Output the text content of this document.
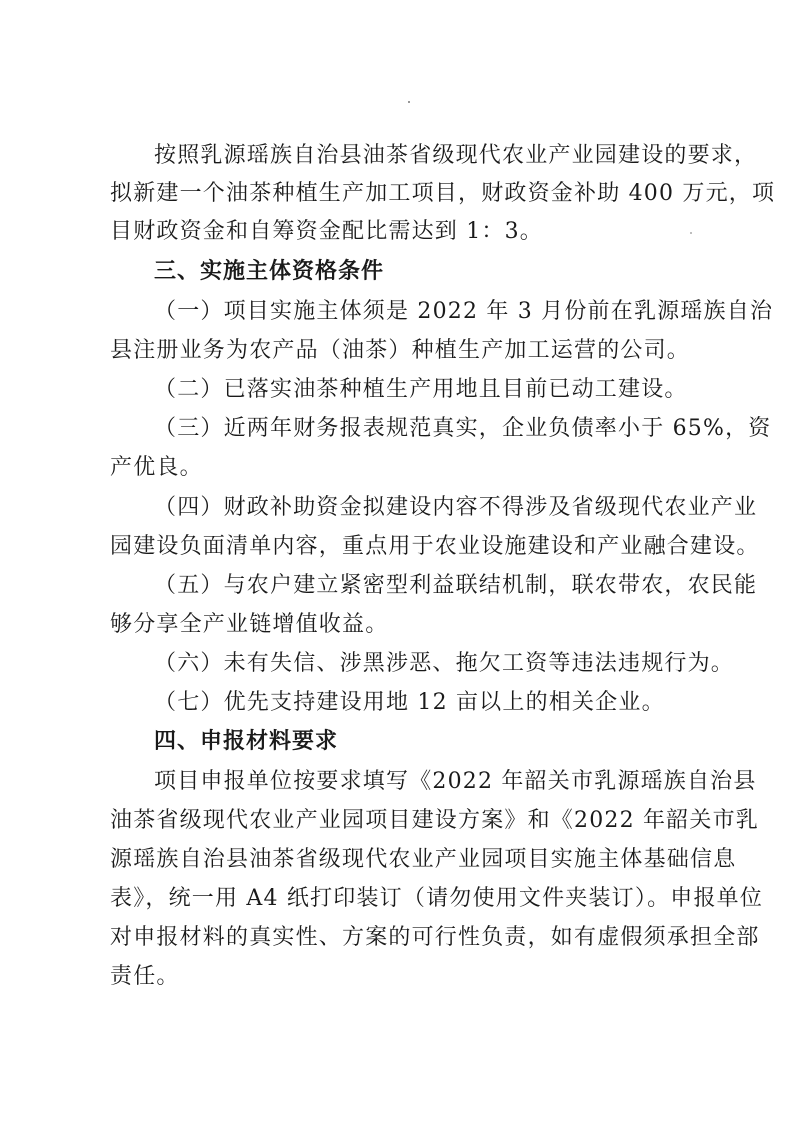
按照乳源瑶族自治县油茶省级现代农业产业园建设的要求，
拟新建一个油茶种植生产加工项目，财政资金补助 400 万元，项
目财政资金和自筹资金配比需达到 1：3。
三、实施主体资格条件
（一）项目实施主体须是 2022 年 3 月份前在乳源瑶族自治
县注册业务为农产品（油茶）种植生产加工运营的公司。
（二）已落实油茶种植生产用地且目前已动工建设。
（三）近两年财务报表规范真实，企业负债率小于 65%，资
产优良。
（四）财政补助资金拟建设内容不得涉及省级现代农业产业
园建设负面清单内容，重点用于农业设施建设和产业融合建设。
（五）与农户建立紧密型利益联结机制，联农带农，农民能
够分享全产业链增值收益。
（六）未有失信、涉黑涉恶、拖欠工资等违法违规行为。
（七）优先支持建设用地 12 亩以上的相关企业。
四、申报材料要求
项目申报单位按要求填写《2022 年韶关市乳源瑶族自治县
油茶省级现代农业产业园项目建设方案》和《2022 年韶关市乳
源瑶族自治县油茶省级现代农业产业园项目实施主体基础信息
表》，统一用 A4 纸打印装订（请勿使用文件夹装订）。申报单位
对申报材料的真实性、方案的可行性负责，如有虚假须承担全部
责任。
